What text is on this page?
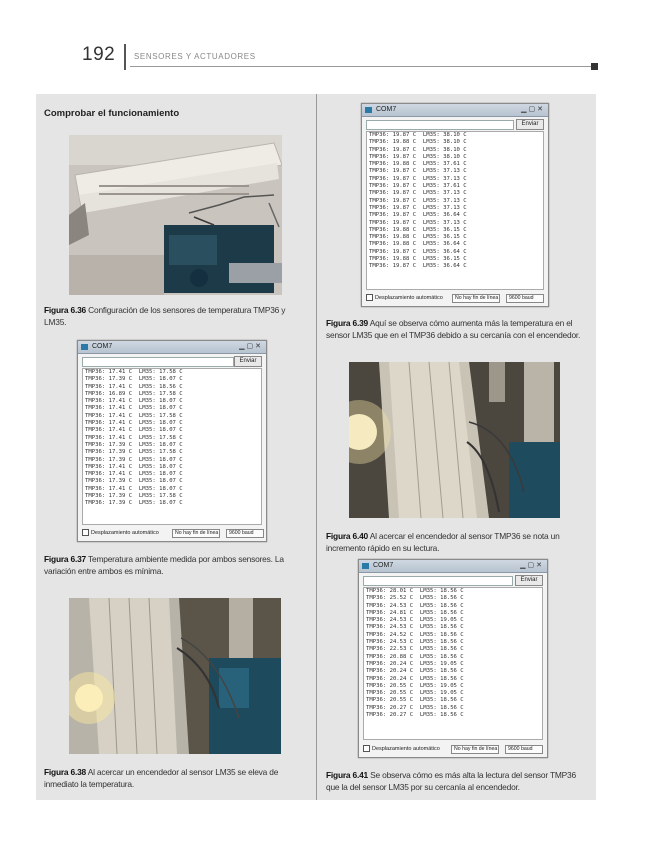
192 SENSORES Y ACTUADORES
Comprobar el funcionamiento
Figura 6.36 Configuración de los sensores de temperatura TMP36 y LM35.
COM7	▁▢✕
Enviar
TMP36: 17.41 C  LM35: 17.58 C
TMP36: 17.39 C  LM35: 18.07 C
TMP36: 17.41 C  LM35: 18.56 C
TMP36: 16.89 C  LM35: 17.58 C
TMP36: 17.41 C  LM35: 18.07 C
TMP36: 17.41 C  LM35: 18.07 C
TMP36: 17.41 C  LM35: 17.58 C
TMP36: 17.41 C  LM35: 18.07 C
TMP36: 17.41 C  LM35: 18.07 C
TMP36: 17.41 C  LM35: 17.58 C
TMP36: 17.39 C  LM35: 18.07 C
TMP36: 17.39 C  LM35: 17.58 C
TMP36: 17.39 C  LM35: 18.07 C
TMP36: 17.41 C  LM35: 18.07 C
TMP36: 17.41 C  LM35: 18.07 C
TMP36: 17.39 C  LM35: 18.07 C
TMP36: 17.41 C  LM35: 18.07 C
TMP36: 17.39 C  LM35: 17.58 C
TMP36: 17.39 C  LM35: 18.07 C
Desplazamiento automático	No hay fin de línea	9600 baud
Figura 6.37 Temperatura ambiente medida por ambos sensores. La variación entre ambos es mínima.
Figura 6.38 Al acercar un encendedor al sensor LM35 se eleva de inmediato la temperatura.
COM7	▁▢✕
Enviar
TMP36: 19.87 C  LM35: 38.10 C
TMP36: 19.88 C  LM35: 38.10 C
TMP36: 19.87 C  LM35: 38.10 C
TMP36: 19.87 C  LM35: 38.10 C
TMP36: 19.88 C  LM35: 37.61 C
TMP36: 19.87 C  LM35: 37.13 C
TMP36: 19.87 C  LM35: 37.13 C
TMP36: 19.87 C  LM35: 37.61 C
TMP36: 19.87 C  LM35: 37.13 C
TMP36: 19.87 C  LM35: 37.13 C
TMP36: 19.87 C  LM35: 37.13 C
TMP36: 19.87 C  LM35: 36.64 C
TMP36: 19.87 C  LM35: 37.13 C
TMP36: 19.88 C  LM35: 36.15 C
TMP36: 19.88 C  LM35: 36.15 C
TMP36: 19.88 C  LM35: 36.64 C
TMP36: 19.87 C  LM35: 36.64 C
TMP36: 19.88 C  LM35: 36.15 C
TMP36: 19.87 C  LM35: 36.64 C
Desplazamiento automático	No hay fin de línea	9600 baud
Figura 6.39 Aquí se observa cómo aumenta más la temperatura en el sensor LM35 que en el TMP36 debido a su cercanía con el encendedor.
Figura 6.40 Al acercar el encendedor al sensor TMP36 se nota un incremento rápido en su lectura.
COM7	▁▢✕
Enviar
TMP36: 28.01 C  LM35: 18.56 C
TMP36: 25.52 C  LM35: 18.56 C
TMP36: 24.53 C  LM35: 18.56 C
TMP36: 24.81 C  LM35: 18.56 C
TMP36: 24.53 C  LM35: 19.05 C
TMP36: 24.53 C  LM35: 18.56 C
TMP36: 24.52 C  LM35: 18.56 C
TMP36: 24.53 C  LM35: 18.56 C
TMP36: 22.53 C  LM35: 18.56 C
TMP36: 20.88 C  LM35: 18.56 C
TMP36: 20.24 C  LM35: 19.05 C
TMP36: 20.24 C  LM35: 18.56 C
TMP36: 20.24 C  LM35: 18.56 C
TMP36: 20.55 C  LM35: 19.05 C
TMP36: 20.55 C  LM35: 19.05 C
TMP36: 20.55 C  LM35: 18.56 C
TMP36: 20.27 C  LM35: 18.56 C
TMP36: 20.27 C  LM35: 18.56 C
Desplazamiento automático	No hay fin de línea	9600 baud
Figura 6.41 Se observa cómo es más alta la lectura del sensor TMP36 que la del sensor LM35 por su cercanía al encendedor.
